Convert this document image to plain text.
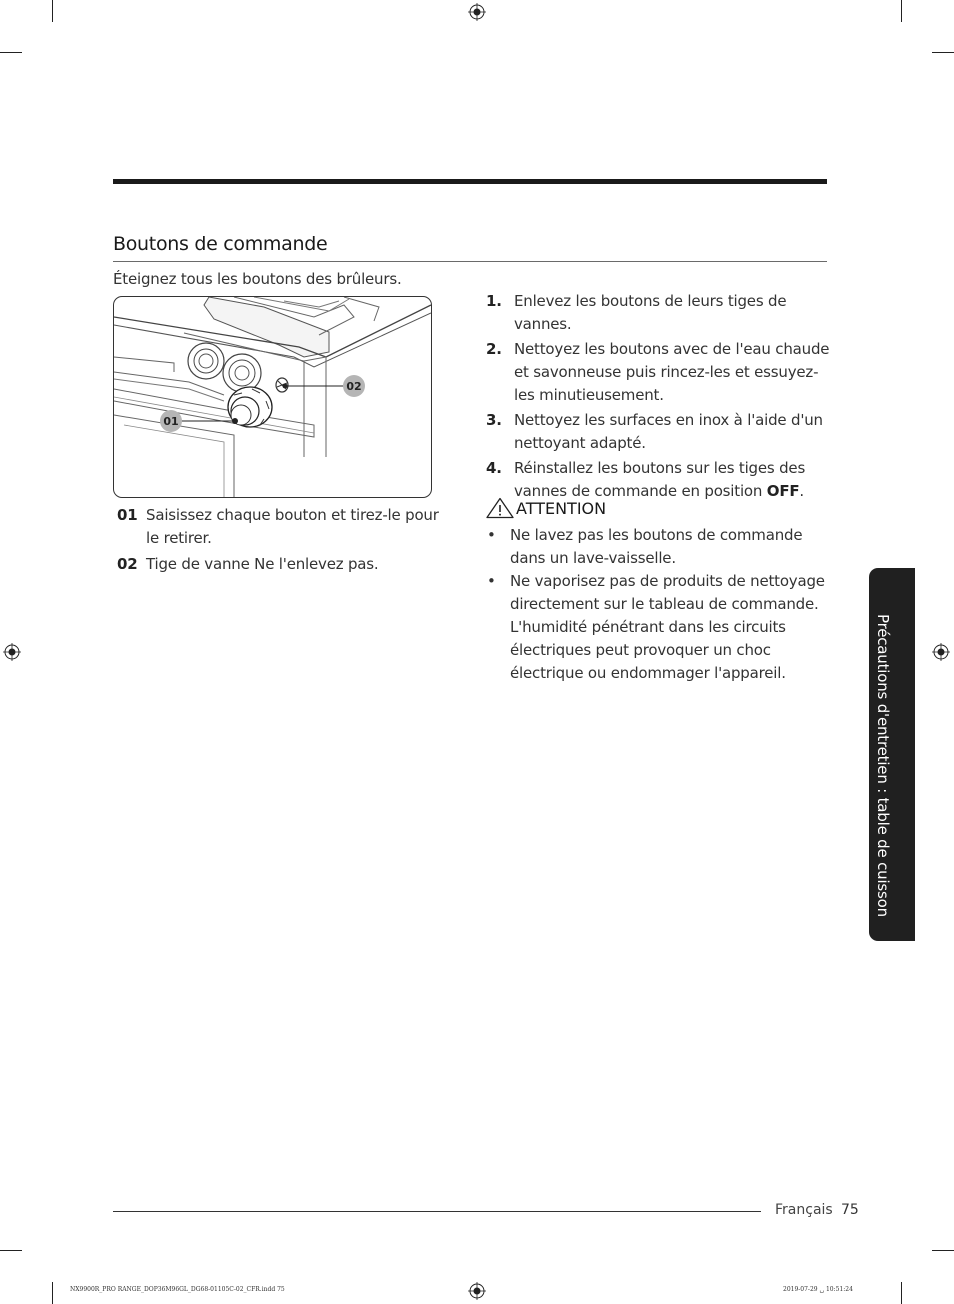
Boutons de commande
Éteignez tous les boutons des brûleurs.
01
02
01 Saisissez chaque bouton et tirez-le pour le retirer.
02 Tige de vanne Ne l'enlevez pas.
1. Enlevez les boutons de leurs tiges de vannes.
2. Nettoyez les boutons avec de l'eau chaude et savonneuse puis rincez-les et essuyez-les minutieusement.
3. Nettoyez les surfaces en inox à l'aide d'un nettoyant adapté.
4. Réinstallez les boutons sur les tiges des vannes de commande en position OFF.
ATTENTION
• Ne lavez pas les boutons de commande dans un lave-vaisselle.
• Ne vaporisez pas de produits de nettoyage directement sur le tableau de commande. L'humidité pénétrant dans les circuits électriques peut provoquer un choc électrique ou endommager l'appareil.	Précautions d'entretien : table de cuisson
Français 75
NX9900R_PRO RANGE_DOP36M96GL_DG68-01105C-02_CFR.indd 75	2019-07-29 ␣ 10:51:24
